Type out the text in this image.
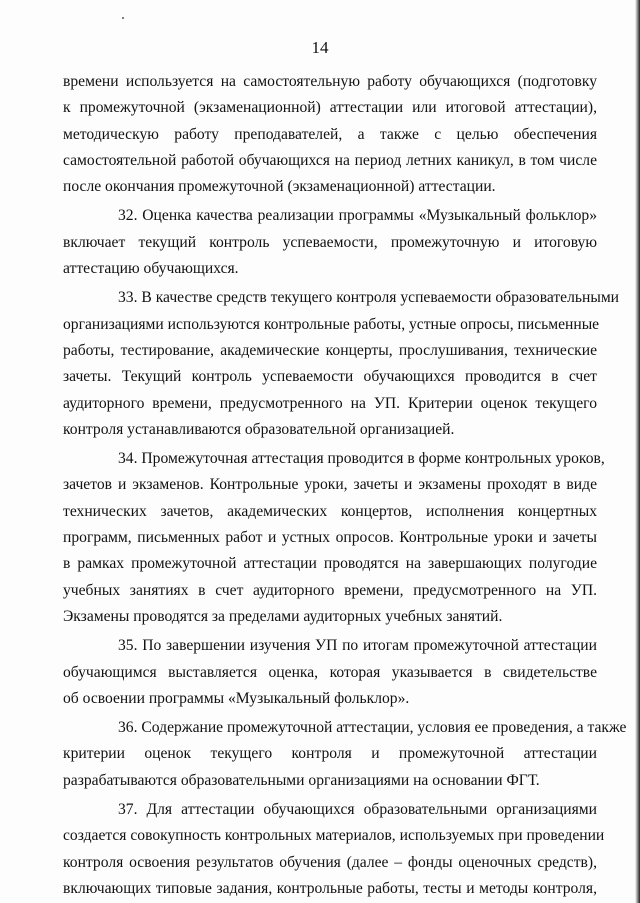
14
времени используется на самостоятельную работу обучающихся (подготовку
к промежуточной (экзаменационной) аттестации или итоговой аттестации),
методическую работу преподавателей, а также с целью обеспечения
самостоятельной работой обучающихся на период летних каникул, в том числе
после окончания промежуточной (экзаменационной) аттестации.
32. Оценка качества реализации программы «Музыкальный фольклор»
включает текущий контроль успеваемости, промежуточную и итоговую
аттестацию обучающихся.
33. В качестве средств текущего контроля успеваемости образовательными
организациями используются контрольные работы, устные опросы, письменные
работы, тестирование, академические концерты, прослушивания, технические
зачеты. Текущий контроль успеваемости обучающихся проводится в счет
аудиторного времени, предусмотренного на УП. Критерии оценок текущего
контроля устанавливаются образовательной организацией.
34. Промежуточная аттестация проводится в форме контрольных уроков,
зачетов и экзаменов. Контрольные уроки, зачеты и экзамены проходят в виде
технических зачетов, академических концертов, исполнения концертных
программ, письменных работ и устных опросов. Контрольные уроки и зачеты
в рамках промежуточной аттестации проводятся на завершающих полугодие
учебных занятиях в счет аудиторного времени, предусмотренного на УП.
Экзамены проводятся за пределами аудиторных учебных занятий.
35. По завершении изучения УП по итогам промежуточной аттестации
обучающимся выставляется оценка, которая указывается в свидетельстве
об освоении программы «Музыкальный фольклор».
36. Содержание промежуточной аттестации, условия ее проведения, а также
критерии оценок текущего контроля и промежуточной аттестации
разрабатываются образовательными организациями на основании ФГТ.
37. Для аттестации обучающихся образовательными организациями
создается совокупность контрольных материалов, используемых при проведении
контроля освоения результатов обучения (далее – фонды оценочных средств),
включающих типовые задания, контрольные работы, тесты и методы контроля,
